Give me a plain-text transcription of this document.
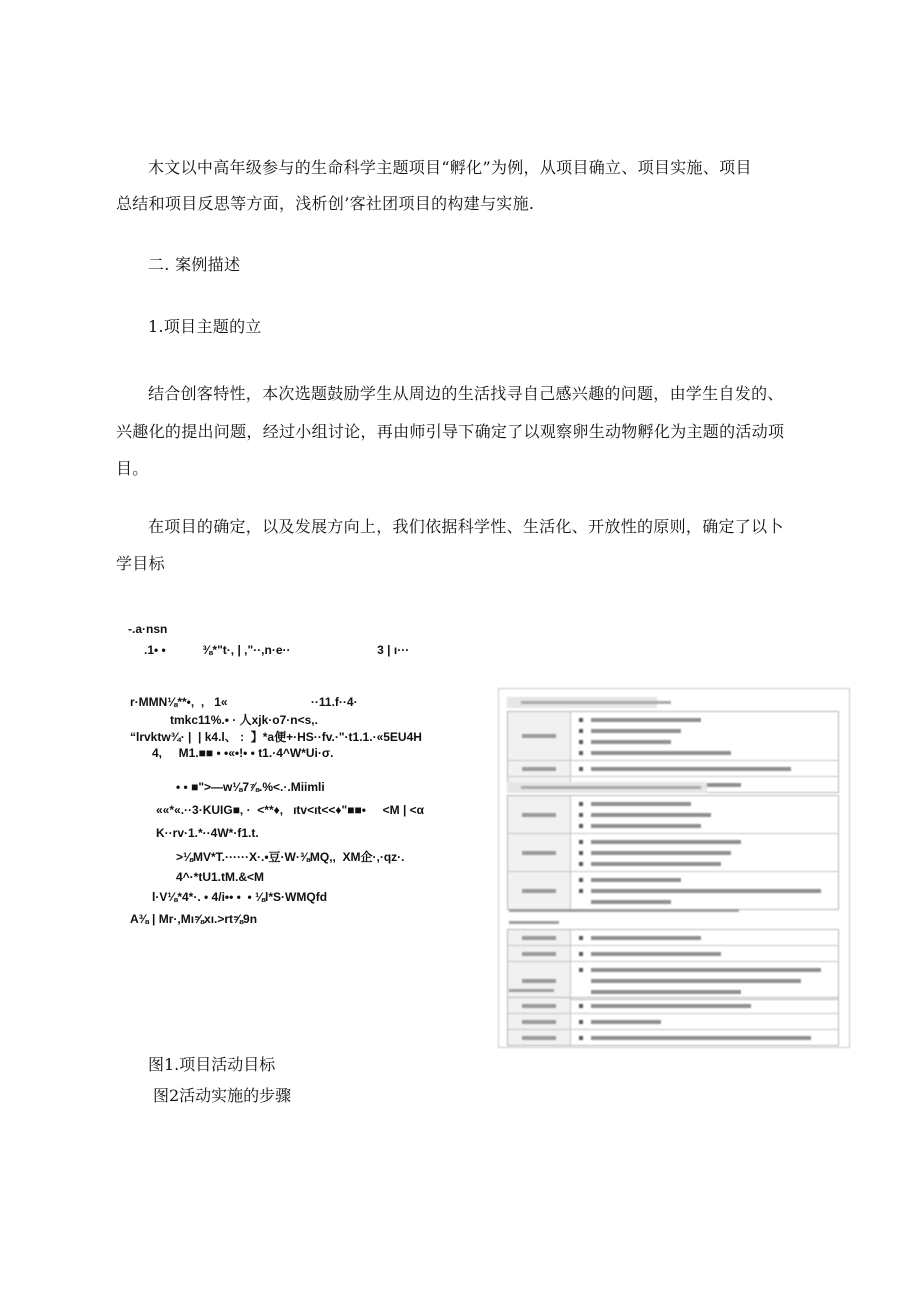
木文以中高年级参与的生命科学主题项目“孵化”为例，从项目确立、项目实施、项目

总结和项目反思等方面，浅析创’客社团项目的构建与实施.

二. 案例描述

1.项目主题的立

结合创客特性，本次选题鼓励学生从周边的生活找寻自己感兴趣的问题，由学生自发的、

兴趣化的提出问题，经过小组讨论，再由师引导下确定了以观察卵生动物孵化为主题的活动项

目。

在项目的确定，以及发展方向上，我们依据科学性、生活化、开放性的原则，确定了以卜

学目标

-.a·nsn
.1• •           ⅜*"t·, | ,"··,n·e··                          3 | ı···
r·MMN⅛**•,  ,   1«                         ··11.f··4·
tmkc11%.• · 人xjk·o7·n<s,.
“lrvktw¾· |  | k4.l、 :  】*a便+·HS··fv.·"·t1.1.·«5EU4H
4,     M1.■■ • •«•!• • t1.·4^W*Ui·σ.
• • ■">—w⅛7⅞.%<.·.Miimli
««*«.··3·KUIG■, ·  <**♦,   ıtv<ıt<<♦"■■•     <M | <α
K··rv·1.*··4W*·f1.t.
>⅛MV*T.······X·.•豆·W·⅜MQ,,  XM企·,·qz·.
4^·*tU1.tM.&<M
l·V⅛*4*·. • 4/i•• •  • ⅛l*S·WMQfd
A⅜ | Mr·,Mı⅝xı.>rt⅝9n

图1.项目活动目标

图2活动实施的步骤
